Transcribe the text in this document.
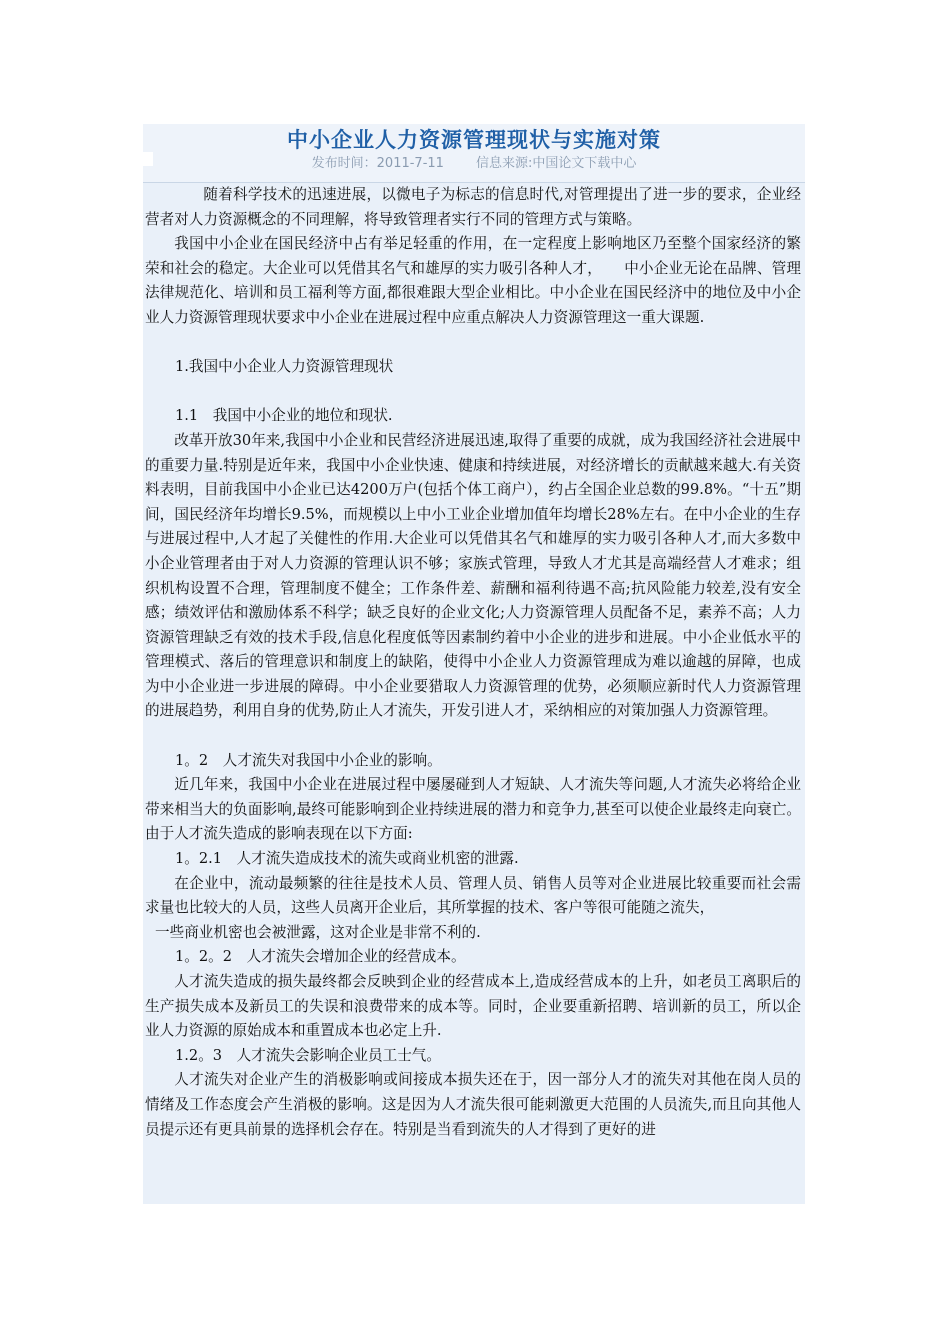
中小企业人力资源管理现状与实施对策
发布时间：2011-7-11 信息来源:中国论文下载中心

随着科学技术的迅速进展，以微电子为标志的信息时代,对管理提出了进一步的要求，企业经营者对人力资源概念的不同理解，将导致管理者实行不同的管理方式与策略。

我国中小企业在国民经济中占有举足轻重的作用，在一定程度上影响地区乃至整个国家经济的繁荣和社会的稳定。大企业可以凭借其名气和雄厚的实力吸引各种人才，　　中小企业无论在品牌、管理法律规范化、培训和员工福利等方面,都很难跟大型企业相比。中小企业在国民经济中的地位及中小企业人力资源管理现状要求中小企业在进展过程中应重点解决人力资源管理这一重大课题.

1.我国中小企业人力资源管理现状

1.1　我国中小企业的地位和现状.

改革开放30年来,我国中小企业和民营经济进展迅速,取得了重要的成就，成为我国经济社会进展中的重要力量.特别是近年来，我国中小企业快速、健康和持续进展，对经济增长的贡献越来越大.有关资料表明，目前我国中小企业已达4200万户(包括个体工商户），约占全国企业总数的99.8%。“十五”期间，国民经济年均增长9.5%，而规模以上中小工业企业增加值年均增长28%左右。在中小企业的生存与进展过程中,人才起了关健性的作用.大企业可以凭借其名气和雄厚的实力吸引各种人才,而大多数中小企业管理者由于对人力资源的管理认识不够；家族式管理，导致人才尤其是高端经营人才难求；组织机构设置不合理，管理制度不健全；工作条件差、薪酬和福利待遇不高;抗风险能力较差,没有安全感；绩效评估和激励体系不科学；缺乏良好的企业文化;人力资源管理人员配备不足，素养不高；人力资源管理缺乏有效的技术手段,信息化程度低等因素制约着中小企业的进步和进展。中小企业低水平的管理模式、落后的管理意识和制度上的缺陷，使得中小企业人力资源管理成为难以逾越的屏障，也成为中小企业进一步进展的障碍。中小企业要猎取人力资源管理的优势，必须顺应新时代人力资源管理的进展趋势，利用自身的优势,防止人才流失，开发引进人才，采纳相应的对策加强人力资源管理。

1。2　人才流失对我国中小企业的影响。

近几年来，我国中小企业在进展过程中屡屡碰到人才短缺、人才流失等问题,人才流失必将给企业带来相当大的负面影响,最终可能影响到企业持续进展的潜力和竞争力,甚至可以使企业最终走向衰亡。由于人才流失造成的影响表现在以下方面:

1。2.1　人才流失造成技术的流失或商业机密的泄露.

在企业中，流动最频繁的往往是技术人员、管理人员、销售人员等对企业进展比较重要而社会需求量也比较大的人员，这些人员离开企业后，其所掌握的技术、客户等很可能随之流失，

一些商业机密也会被泄露，这对企业是非常不利的.

1。2。2　人才流失会增加企业的经营成本。

人才流失造成的损失最终都会反映到企业的经营成本上,造成经营成本的上升，如老员工离职后的生产损失成本及新员工的失误和浪费带来的成本等。同时，企业要重新招聘、培训新的员工，所以企业人力资源的原始成本和重置成本也必定上升.

1.2。3　人才流失会影响企业员工士气。

人才流失对企业产生的消极影响或间接成本损失还在于，因一部分人才的流失对其他在岗人员的情绪及工作态度会产生消极的影响。这是因为人才流失很可能刺激更大范围的人员流失,而且向其他人员提示还有更具前景的选择机会存在。特别是当看到流失的人才得到了更好的进
